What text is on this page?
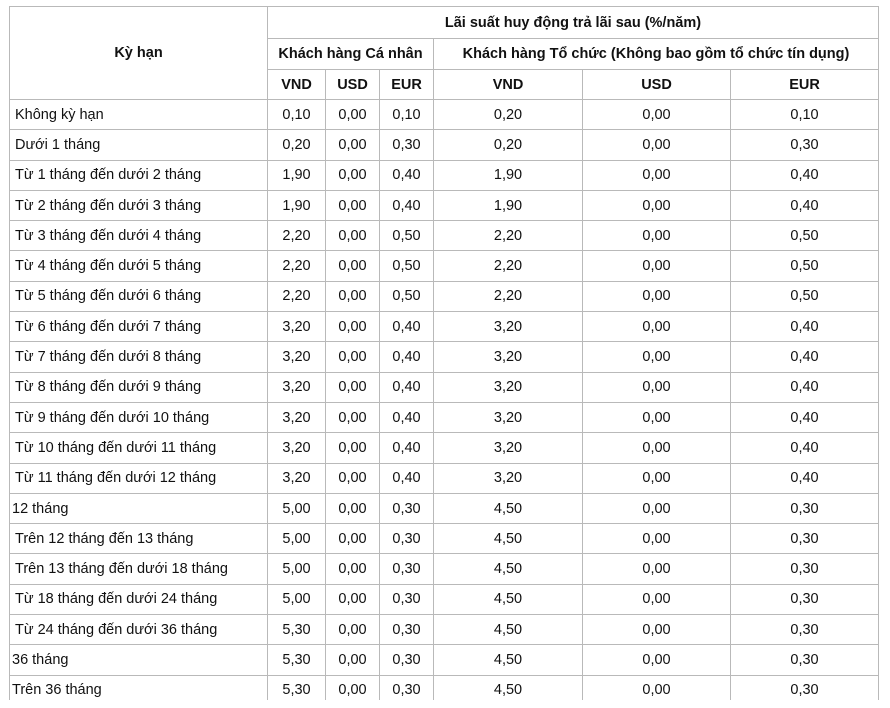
Kỳ hạn	Lãi suất huy động trả lãi sau (%/năm)					
	Khách hàng Cá nhân			Khách hàng Tổ chức (Không bao gồm tổ chức tín dụng)		
	VND	USD	EUR	VND	USD	EUR
Không kỳ hạn	0,10	0,00	0,10	0,20	0,00	0,10
Dưới 1 tháng	0,20	0,00	0,30	0,20	0,00	0,30
Từ 1 tháng đến dưới 2 tháng	1,90	0,00	0,40	1,90	0,00	0,40
Từ 2 tháng đến dưới 3 tháng	1,90	0,00	0,40	1,90	0,00	0,40
Từ 3 tháng đến dưới 4 tháng	2,20	0,00	0,50	2,20	0,00	0,50
Từ 4 tháng đến dưới 5 tháng	2,20	0,00	0,50	2,20	0,00	0,50
Từ 5 tháng đến dưới 6 tháng	2,20	0,00	0,50	2,20	0,00	0,50
Từ 6 tháng đến dưới 7 tháng	3,20	0,00	0,40	3,20	0,00	0,40
Từ 7 tháng đến dưới 8 tháng	3,20	0,00	0,40	3,20	0,00	0,40
Từ 8 tháng đến dưới 9 tháng	3,20	0,00	0,40	3,20	0,00	0,40
Từ 9 tháng đến dưới 10 tháng	3,20	0,00	0,40	3,20	0,00	0,40
Từ 10 tháng đến dưới 11 tháng	3,20	0,00	0,40	3,20	0,00	0,40
Từ 11 tháng đến dưới 12 tháng	3,20	0,00	0,40	3,20	0,00	0,40
12 tháng	5,00	0,00	0,30	4,50	0,00	0,30
Trên 12 tháng đến 13 tháng	5,00	0,00	0,30	4,50	0,00	0,30
Trên 13 tháng đến dưới 18 tháng	5,00	0,00	0,30	4,50	0,00	0,30
Từ 18 tháng đến dưới 24 tháng	5,00	0,00	0,30	4,50	0,00	0,30
Từ 24 tháng đến dưới 36 tháng	5,30	0,00	0,30	4,50	0,00	0,30
36 tháng	5,30	0,00	0,30	4,50	0,00	0,30
Trên 36 tháng	5,30	0,00	0,30	4,50	0,00	0,30
